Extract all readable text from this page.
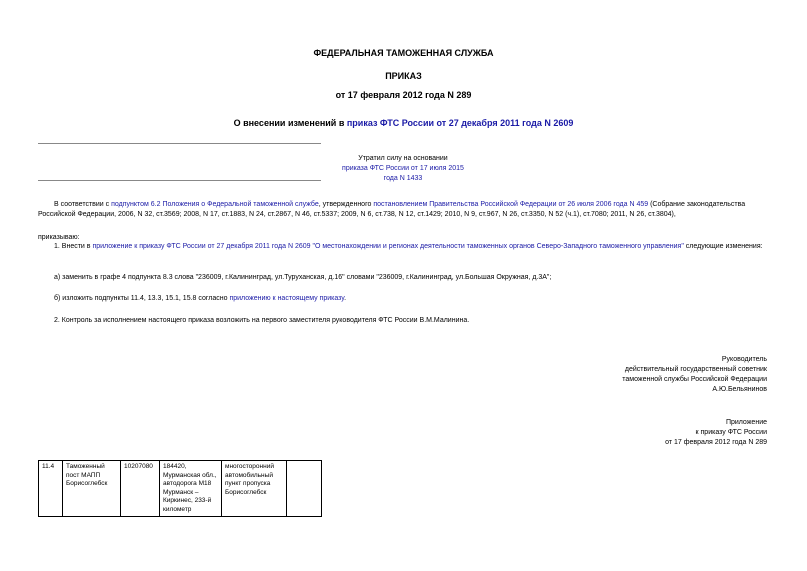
ФЕДЕРАЛЬНАЯ ТАМОЖЕННАЯ СЛУЖБА
ПРИКАЗ
от 17 февраля 2012 года N 289
О внесении изменений в приказ ФТС России от 27 декабря 2011 года N 2609
Утратил силу на основании
приказа ФТС России от 17 июля 2015 года N 1433
В соответствии с подпунктом 6.2 Положения о Федеральной таможенной службе, утвержденного постановлением Правительства Российской Федерации от 26 июля 2006 года N 459 (Собрание законодательства Российской Федерации, 2006, N 32, ст.3569; 2008, N 17, ст.1883, N 24, ст.2867, N 46, ст.5337; 2009, N 6, ст.738, N 12, ст.1429; 2010, N 9, ст.967, N 26, ст.3350, N 52 (ч.1), ст.7080; 2011, N 26, ст.3804),
приказываю:
1. Внести в приложение к приказу ФТС России от 27 декабря 2011 года N 2609 "О местонахождении и регионах деятельности таможенных органов Северо-Западного таможенного управления" следующие изменения:
а) заменить в графе 4 подпункта 8.3 слова "236009, г.Калининград, ул.Туруханская, д.16" словами "236009, г.Калининград, ул.Большая Окружная, д.3А";
б) изложить подпункты 11.4, 13.3, 15.1, 15.8 согласно приложению к настоящему приказу.
2. Контроль за исполнением настоящего приказа возложить на первого заместителя руководителя ФТС России В.М.Малинина.
Руководитель
действительный государственный советник
таможенной службы Российской Федерации
А.Ю.Бельянинов
Приложение
к приказу ФТС России
от 17 февраля 2012 года N 289
11.4	Таможенный пост МАПП Борисоглебск	10207080	184420, Мурманская обл., автодорога М18 Мурманск – Киркинес, 233-й километр	многосторонний автомобильный пункт пропуска Борисоглебск	
